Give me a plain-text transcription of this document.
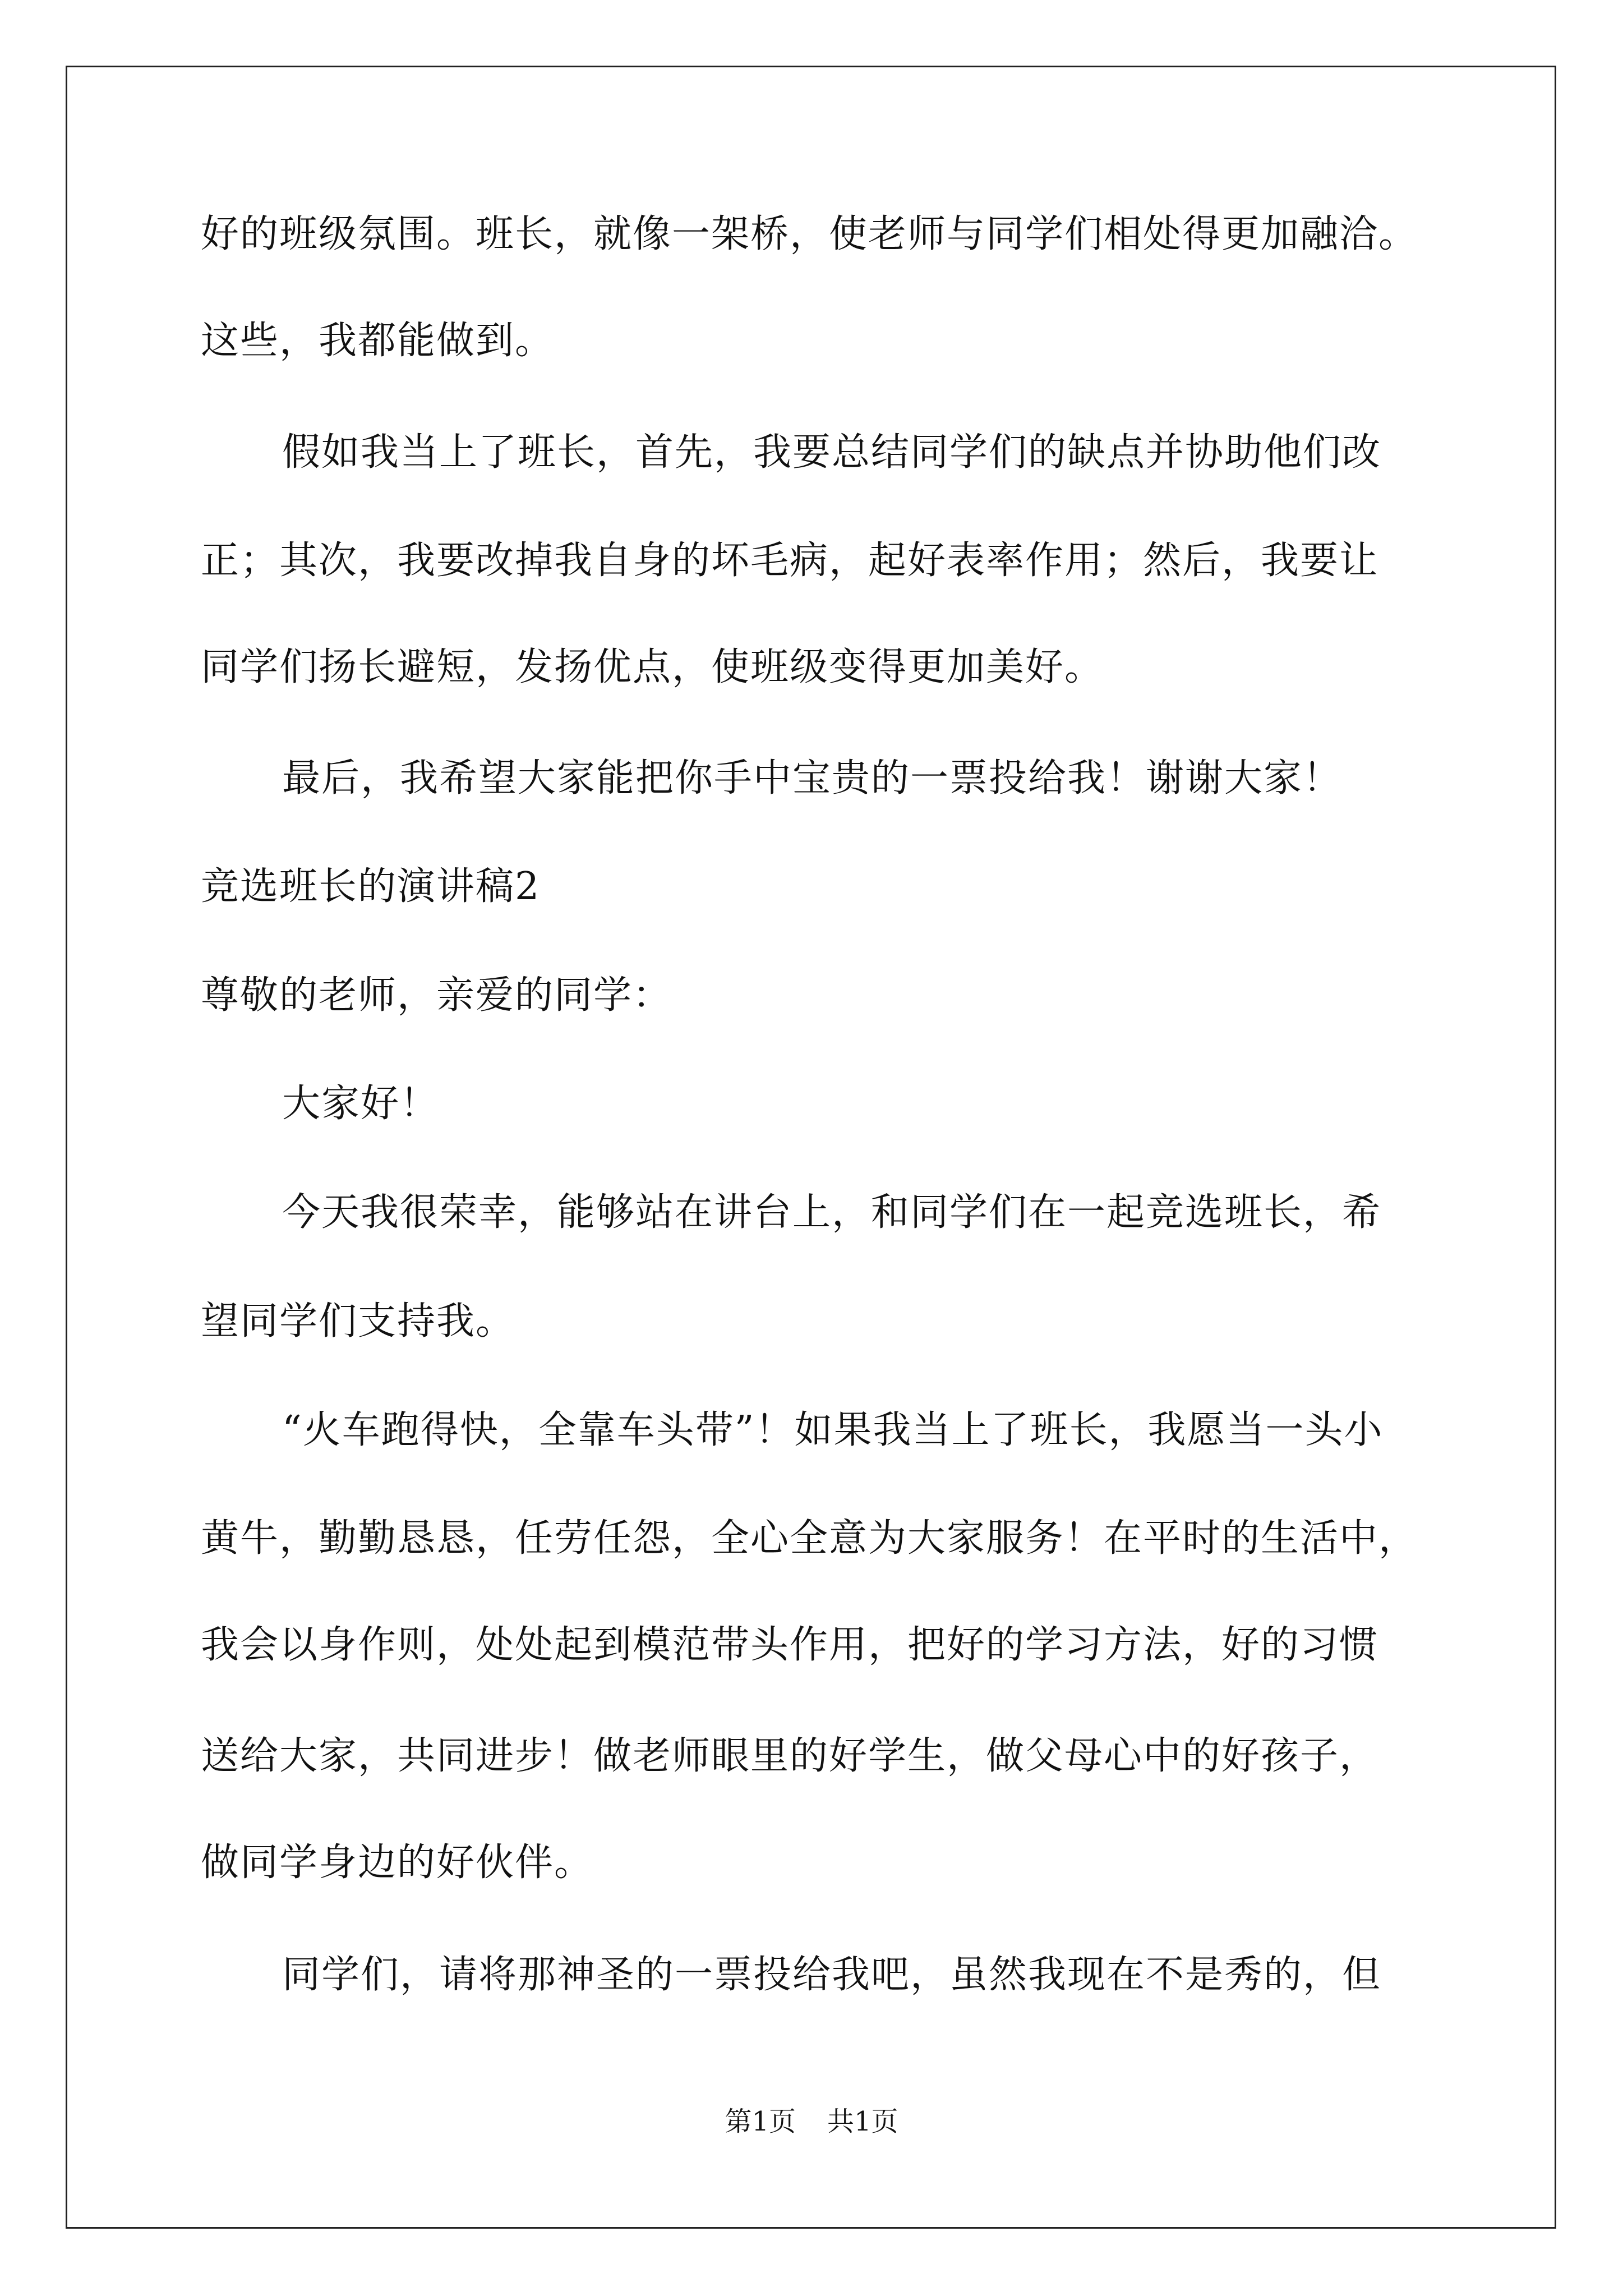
好的班级氛围。班长，就像一架桥，使老师与同学们相处得更加融洽。
这些，我都能做到。
假如我当上了班长，首先，我要总结同学们的缺点并协助他们改
正；其次，我要改掉我自身的坏毛病，起好表率作用；然后，我要让
同学们扬长避短，发扬优点，使班级变得更加美好。
最后，我希望大家能把你手中宝贵的一票投给我！谢谢大家！
竞选班长的演讲稿2
尊敬的老师，亲爱的同学：
大家好！
今天我很荣幸，能够站在讲台上，和同学们在一起竞选班长，希
望同学们支持我。
“火车跑得快，全靠车头带”！如果我当上了班长，我愿当一头小
黄牛，勤勤恳恳，任劳任怨，全心全意为大家服务！在平时的生活中，
我会以身作则，处处起到模范带头作用，把好的学习方法，好的习惯
送给大家，共同进步！做老师眼里的好学生，做父母心中的好孩子，
做同学身边的好伙伴。
同学们，请将那神圣的一票投给我吧，虽然我现在不是秀的，但
第1页 共1页
